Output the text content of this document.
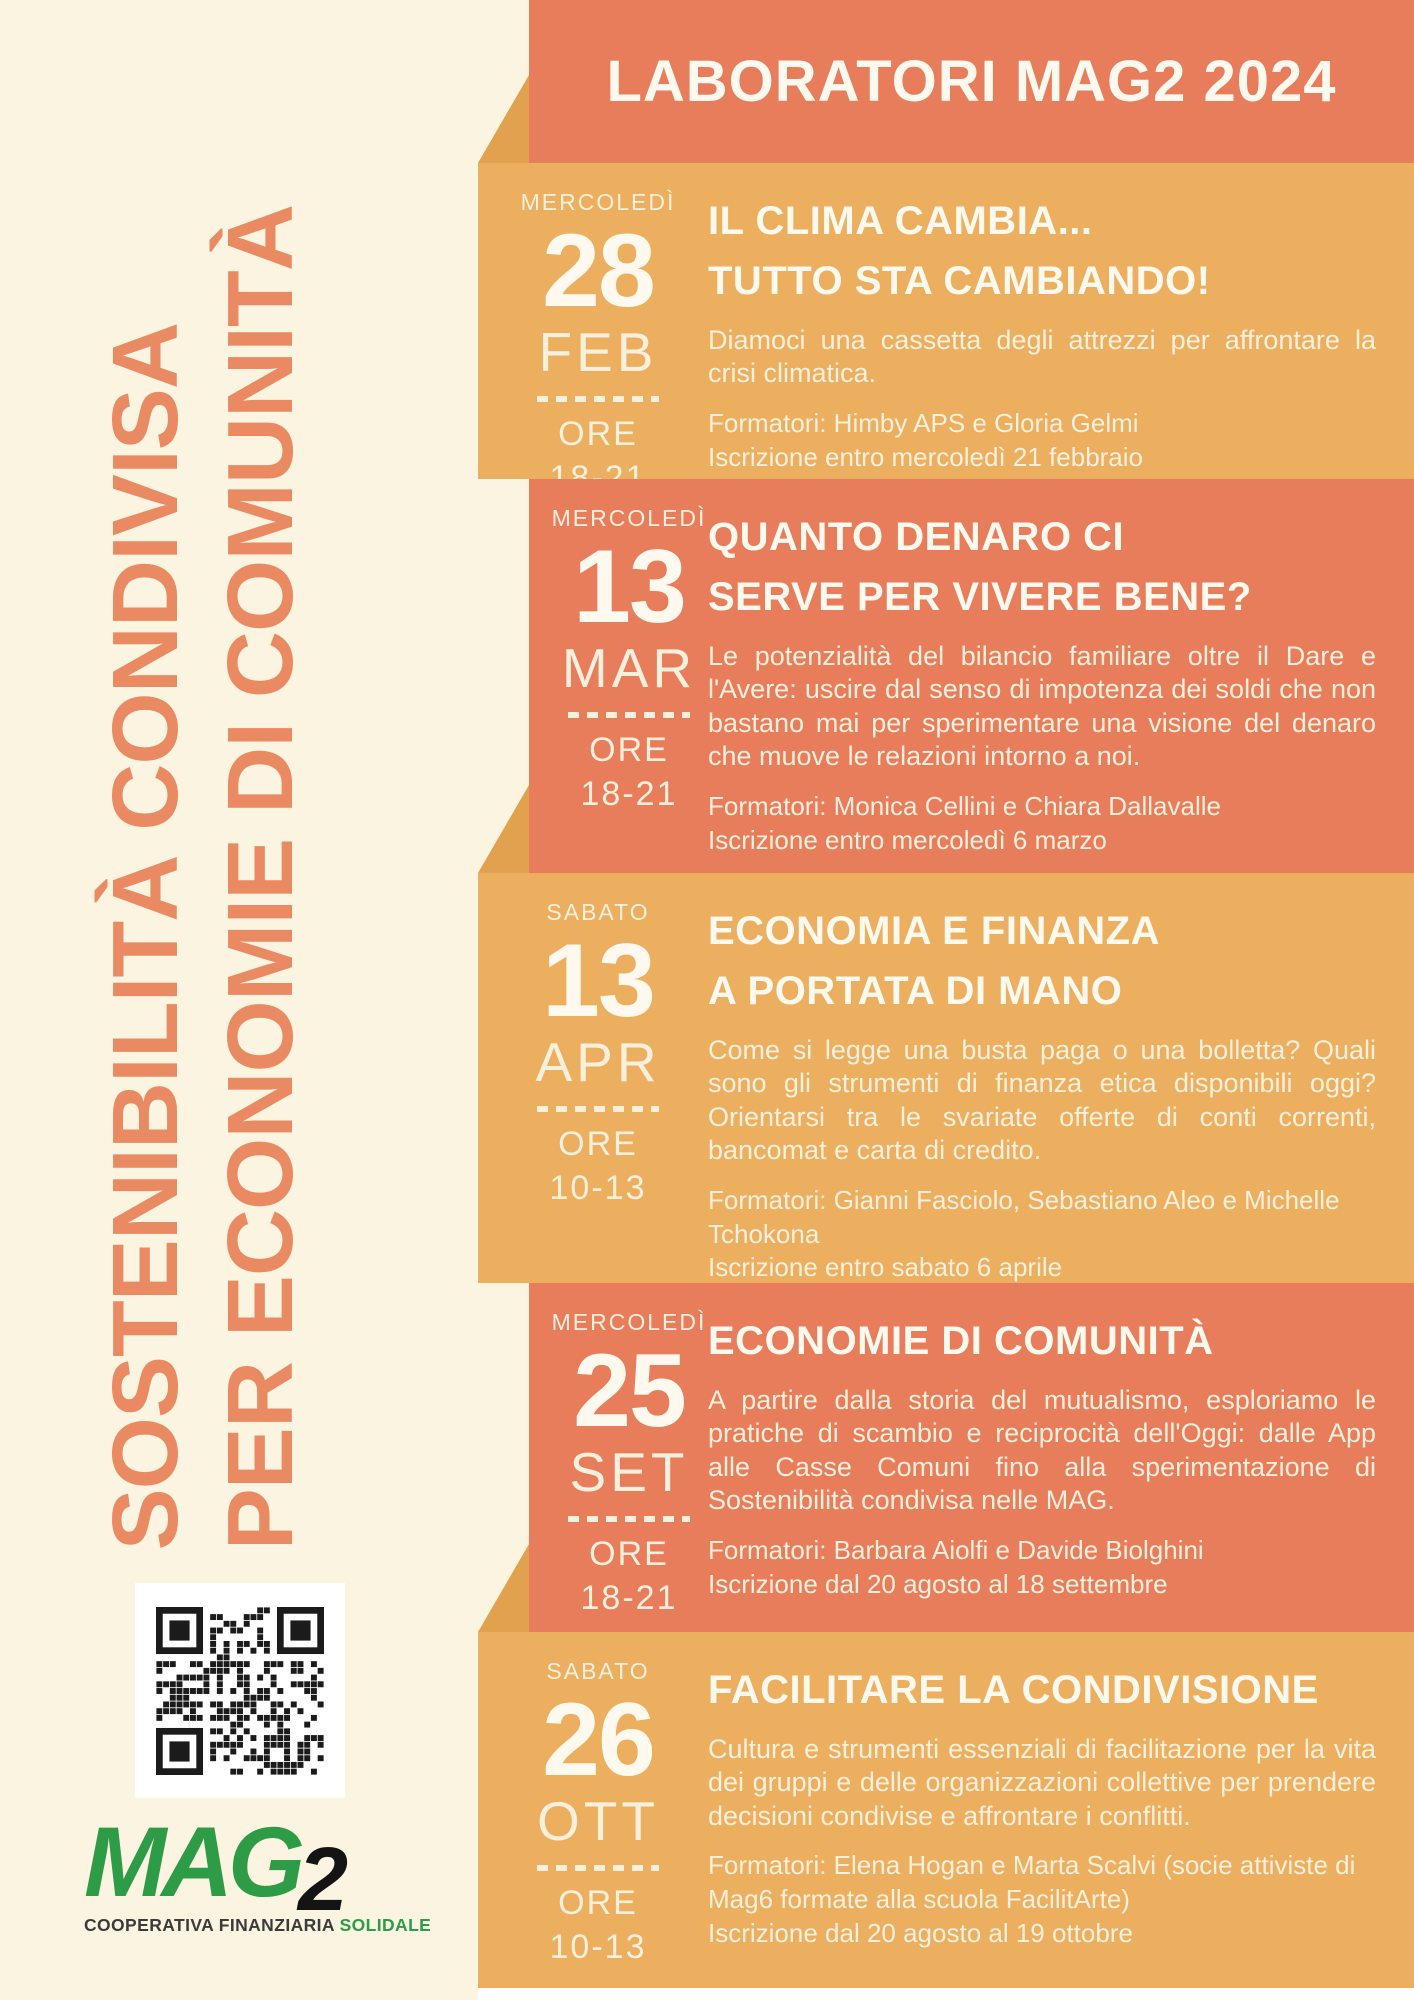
SOSTENIBILITÀ CONDIVISA PER ECONOMIE DI COMUNITÀ
MAG2
COOPERATIVA FINANZIARIA SOLIDALE
LABORATORI MAG2 2024
MERCOLEDÌ
28
FEB
ORE
IL CLIMA CAMBIA...
TUTTO STA CAMBIANDO!

Diamoci una cassetta degli attrezzi per affrontare la crisi climatica.

Formatori: Himby APS e Gloria Gelmi
Iscrizione entro mercoledì 21 febbraio
MERCOLEDÌ
13
MAR
ORE
18-21
QUANTO DENARO CI
SERVE PER VIVERE BENE?

Le potenzialità del bilancio familiare oltre il Dare e l'Avere: uscire dal senso di impotenza dei soldi che non bastano mai per sperimentare una visione del denaro che muove le relazioni intorno a noi.

Formatori: Monica Cellini e Chiara Dallavalle
Iscrizione entro mercoledì 6 marzo
SABATO
13
APR
ORE
10-13
ECONOMIA E FINANZA
A PORTATA DI MANO

Come si legge una busta paga o una bolletta? Quali sono gli strumenti di finanza etica disponibili oggi? Orientarsi tra le svariate offerte di conti correnti, bancomat e carta di credito.

Formatori: Gianni Fasciolo, Sebastiano Aleo e Michelle Tchokona
Iscrizione entro sabato 6 aprile
MERCOLEDÌ
25
SET
ORE
18-21
ECONOMIE DI COMUNITÀ

A partire dalla storia del mutualismo, esploriamo le pratiche di scambio e reciprocità dell'Oggi: dalle App alle Casse Comuni fino alla sperimentazione di Sostenibilità condivisa nelle MAG.

Formatori: Barbara Aiolfi e Davide Biolghini
Iscrizione dal 20 agosto al 18 settembre
SABATO
26
OTT
ORE
10-13
FACILITARE LA CONDIVISIONE

Cultura e strumenti essenziali di facilitazione per la vita dei gruppi e delle organizzazioni collettive per prendere decisioni condivise e affrontare i conflitti.

Formatori: Elena Hogan e Marta Scalvi (socie attiviste di Mag6 formate alla scuola FacilitArte)
Iscrizione dal 20 agosto al 19 ottobre
